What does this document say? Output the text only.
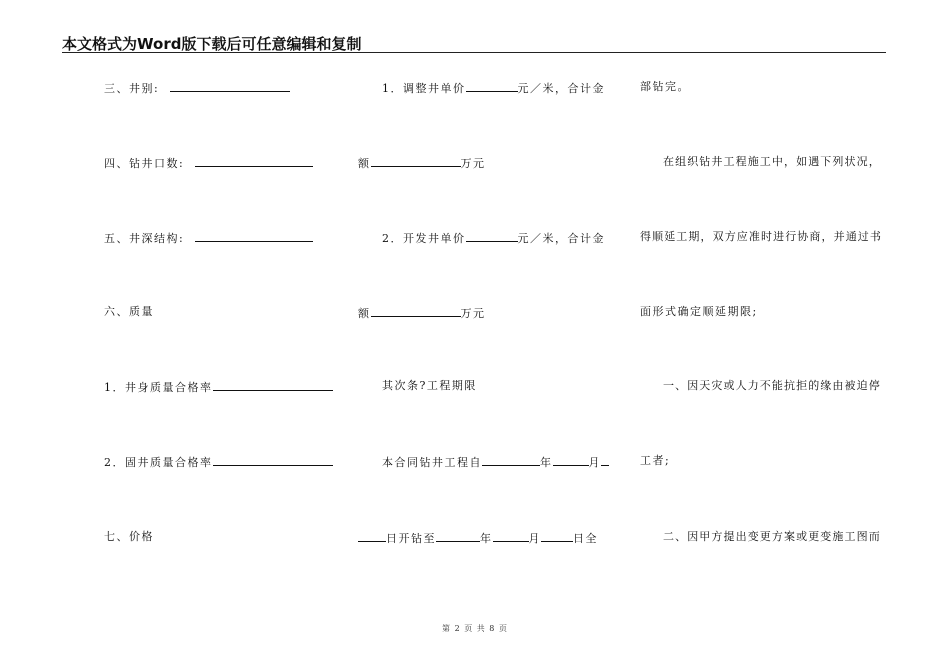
本文格式为Word版下载后可任意编辑和复制
三、井别:
四、钻井口数:
五、井深结构:
六、质量
1．井身质量合格率
2．固井质量合格率
七、价格
1．调整井单价	元／米，合计金
额	万元
2．开发井单价	元／米，合计金
额	万元
其次条?工程期限
本合同钻井工程自	年	月
日开钻至	年	月	日全
部钻完。
在组织钻井工程施工中，如遇下列状况，
得顺延工期，双方应准时进行协商，并通过书
面形式确定顺延期限;
一、因天灾或人力不能抗拒的缘由被迫停
工者;
二、因甲方提出变更方案或更变施工图而
第 2 页 共 8 页
